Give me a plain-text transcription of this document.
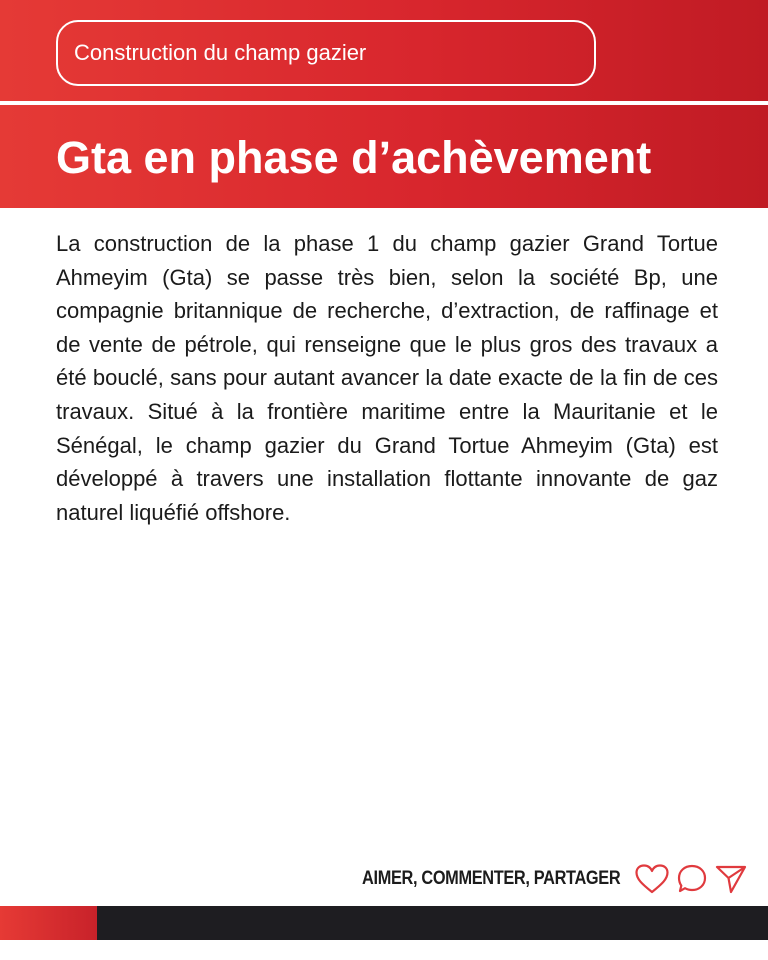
Construction du champ gazier
Gta en phase d’achèvement

La construction de la phase 1 du champ gazier Grand Tortue Ahmeyim (Gta) se passe très bien, selon la société Bp, une compagnie britannique de recherche, d’extraction, de raffinage et de vente de pétrole, qui renseigne que le plus gros des travaux a été bouclé, sans pour autant avancer la date exacte de la fin de ces travaux. Situé à la frontière maritime entre la Mauritanie et le Sénégal, le champ gazier du Grand Tortue Ahmeyim (Gta) est développé à travers une installation flottante innovante de gaz naturel liquéfié offshore.

AIMER, COMMENTER, PARTAGER
